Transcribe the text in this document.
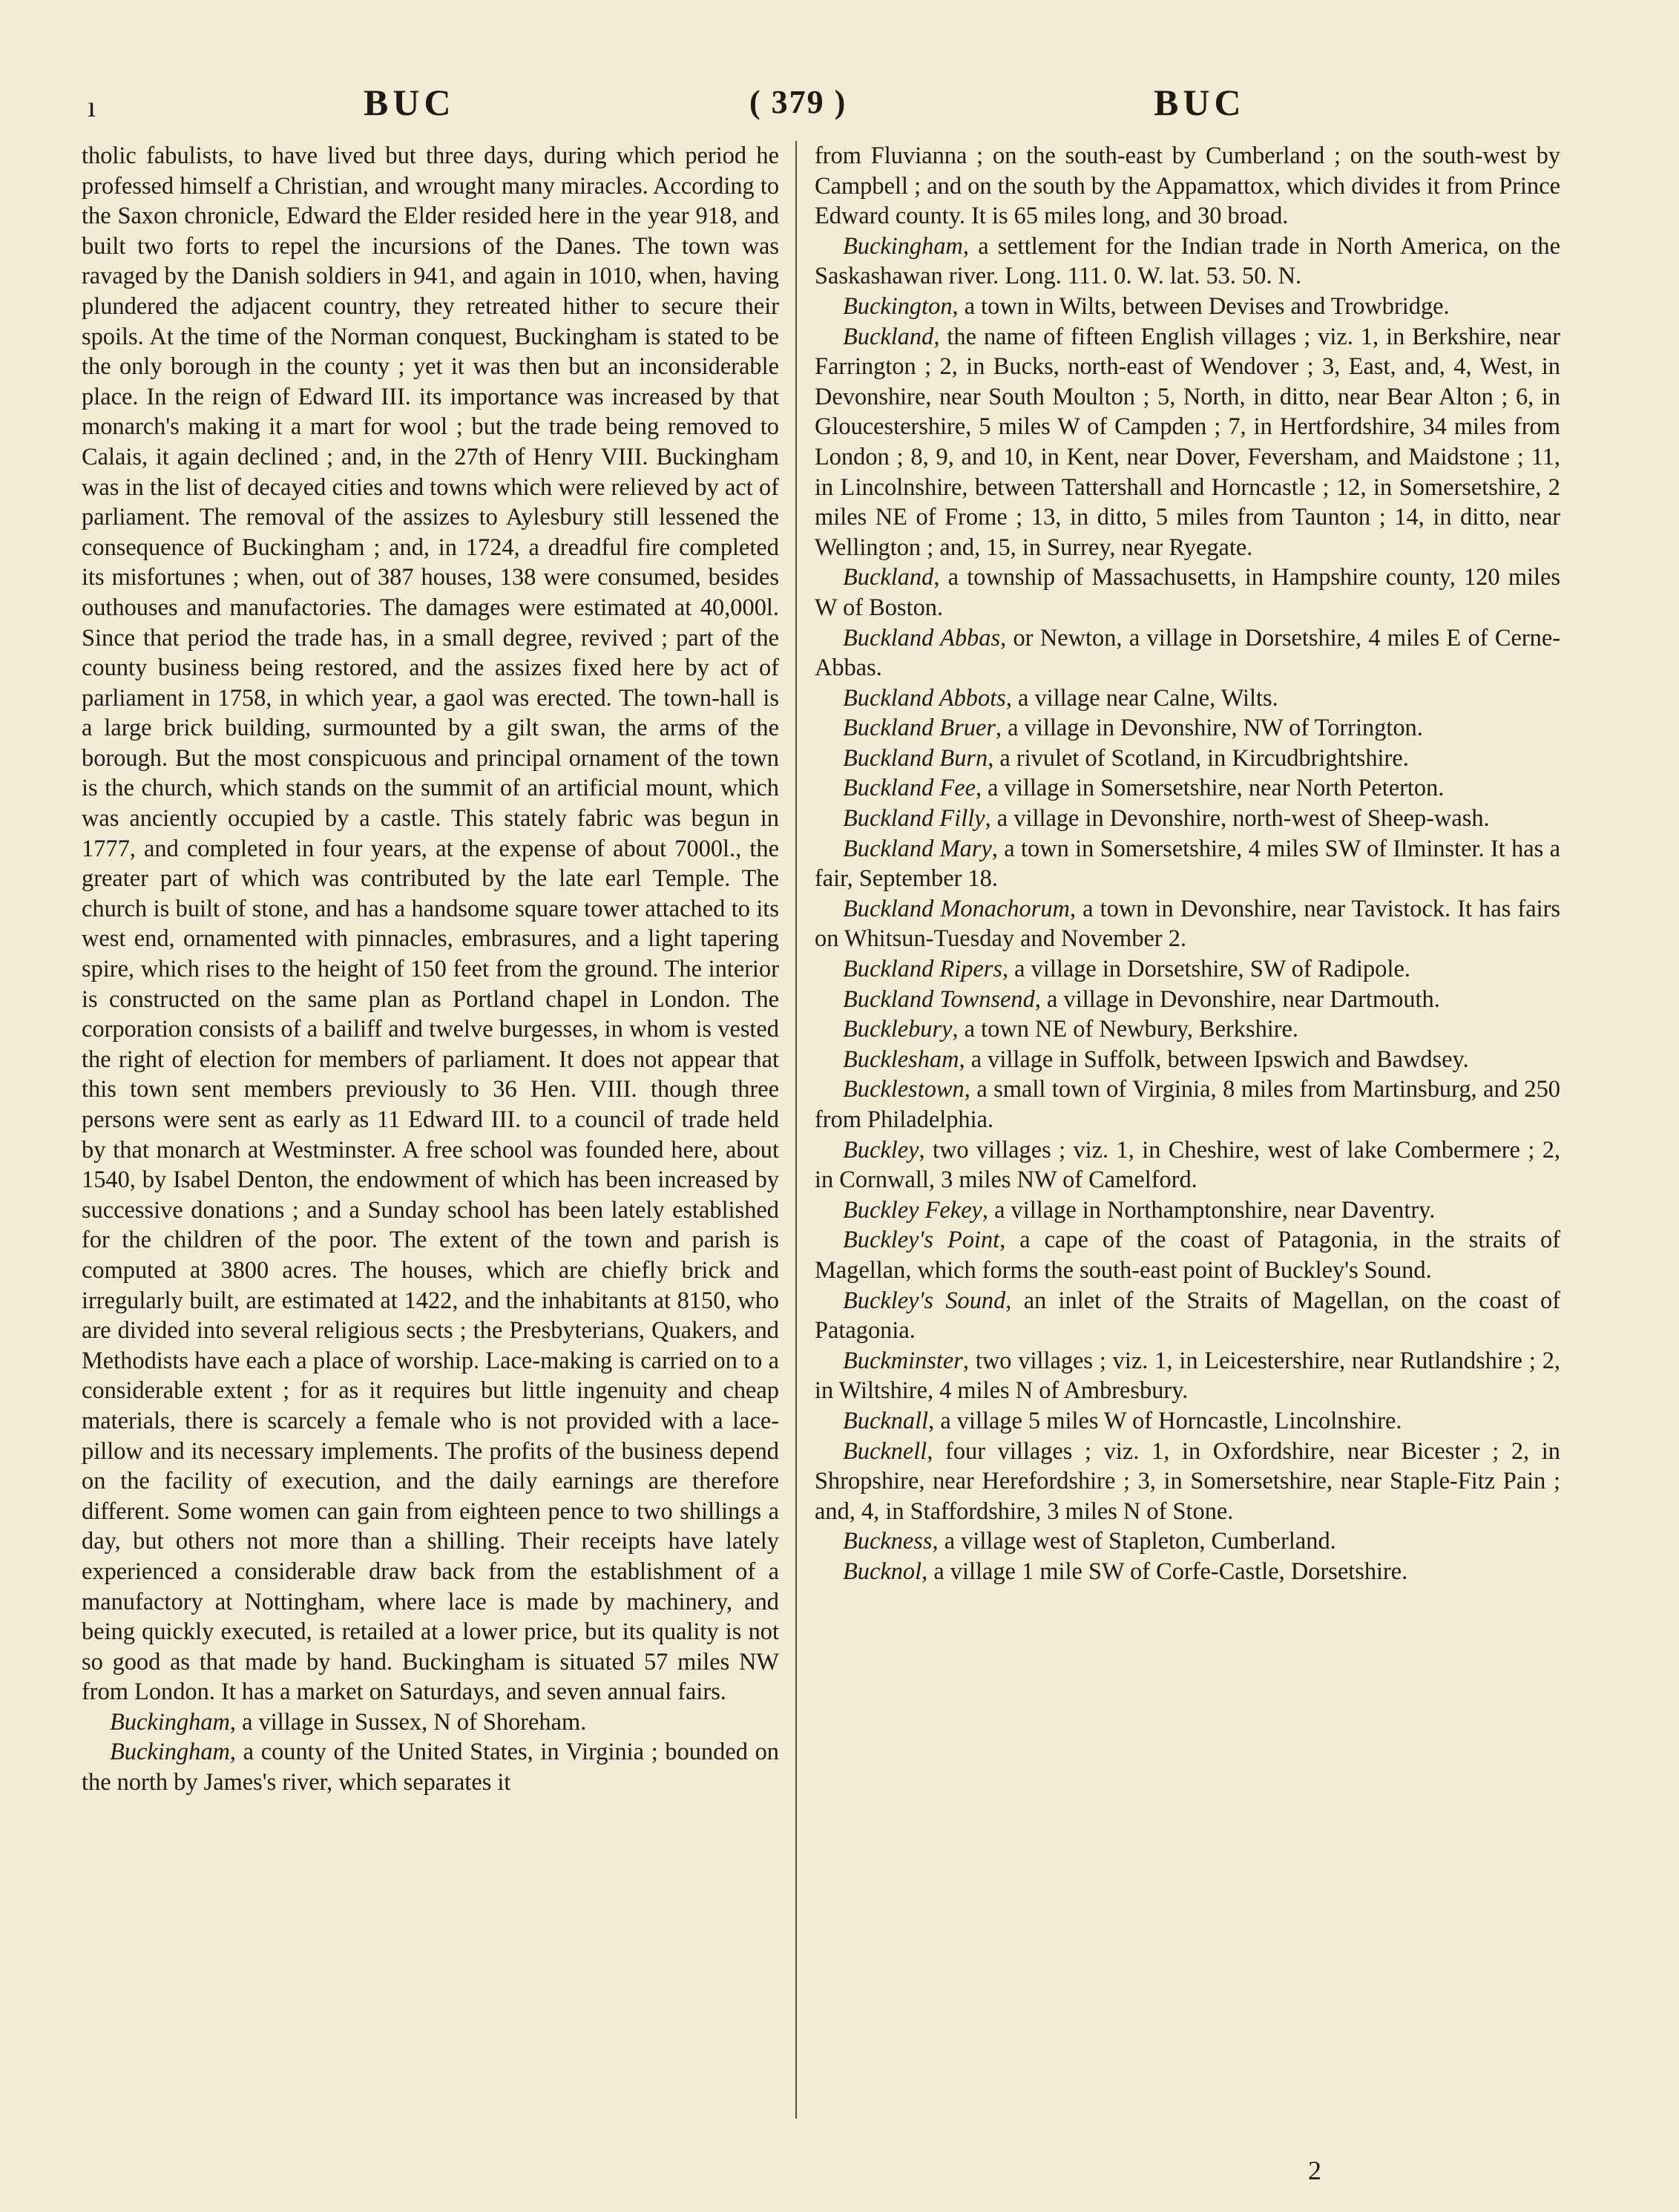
ı	BUC	( 379 )	BUC

tholic fabulists, to have lived but three days, during which period he professed himself a Christian, and wrought many miracles. According to the Saxon chronicle, Edward the Elder resided here in the year 918, and built two forts to repel the incursions of the Danes. The town was ravaged by the Danish soldiers in 941, and again in 1010, when, having plundered the adjacent country, they retreated hither to secure their spoils. At the time of the Norman conquest, Buckingham is stated to be the only borough in the county ; yet it was then but an inconsiderable place. In the reign of Edward III. its importance was increased by that monarch's making it a mart for wool ; but the trade being removed to Calais, it again declined ; and, in the 27th of Henry VIII. Buckingham was in the list of decayed cities and towns which were relieved by act of parliament. The removal of the assizes to Aylesbury still lessened the consequence of Buckingham ; and, in 1724, a dreadful fire completed its misfortunes ; when, out of 387 houses, 138 were consumed, besides outhouses and manufactories. The damages were estimated at 40,000l. Since that period the trade has, in a small degree, revived ; part of the county business being restored, and the assizes fixed here by act of parliament in 1758, in which year, a gaol was erected. The town-hall is a large brick building, surmounted by a gilt swan, the arms of the borough. But the most conspicuous and principal ornament of the town is the church, which stands on the summit of an artificial mount, which was anciently occupied by a castle. This stately fabric was begun in 1777, and completed in four years, at the expense of about 7000l., the greater part of which was contributed by the late earl Temple. The church is built of stone, and has a handsome square tower attached to its west end, ornamented with pinnacles, embrasures, and a light tapering spire, which rises to the height of 150 feet from the ground. The interior is constructed on the same plan as Portland chapel in London. The corporation consists of a bailiff and twelve burgesses, in whom is vested the right of election for members of parliament. It does not appear that this town sent members previously to 36 Hen. VIII. though three persons were sent as early as 11 Edward III. to a council of trade held by that monarch at Westminster. A free school was founded here, about 1540, by Isabel Denton, the endowment of which has been increased by successive donations ; and a Sunday school has been lately established for the children of the poor. The extent of the town and parish is computed at 3800 acres. The houses, which are chiefly brick and irregularly built, are estimated at 1422, and the inhabitants at 8150, who are divided into several religious sects ; the Presbyterians, Quakers, and Methodists have each a place of worship. Lace-making is carried on to a considerable extent ; for as it requires but little ingenuity and cheap materials, there is scarcely a female who is not provided with a lace-pillow and its necessary implements. The profits of the business depend on the facility of execution, and the daily earnings are therefore different. Some women can gain from eighteen pence to two shillings a day, but others not more than a shilling. Their receipts have lately experienced a considerable draw back from the establishment of a manufactory at Nottingham, where lace is made by machinery, and being quickly executed, is retailed at a lower price, but its quality is not so good as that made by hand. Buckingham is situated 57 miles NW from London. It has a market on Saturdays, and seven annual fairs.

Buckingham, a village in Sussex, N of Shoreham.

Buckingham, a county of the United States, in Virginia ; bounded on the north by James's river, which separates it

from Fluvianna ; on the south-east by Cumberland ; on the south-west by Campbell ; and on the south by the Appamattox, which divides it from Prince Edward county. It is 65 miles long, and 30 broad.

Buckingham, a settlement for the Indian trade in North America, on the Saskashawan river. Long. 111. 0. W. lat. 53. 50. N.

Buckington, a town in Wilts, between Devises and Trowbridge.

Buckland, the name of fifteen English villages ; viz. 1, in Berkshire, near Farrington ; 2, in Bucks, north-east of Wendover ; 3, East, and, 4, West, in Devonshire, near South Moulton ; 5, North, in ditto, near Bear Alton ; 6, in Gloucestershire, 5 miles W of Campden ; 7, in Hertfordshire, 34 miles from London ; 8, 9, and 10, in Kent, near Dover, Feversham, and Maidstone ; 11, in Lincolnshire, between Tattershall and Horncastle ; 12, in Somersetshire, 2 miles NE of Frome ; 13, in ditto, 5 miles from Taunton ; 14, in ditto, near Wellington ; and, 15, in Surrey, near Ryegate.

Buckland, a township of Massachusetts, in Hampshire county, 120 miles W of Boston.

Buckland Abbas, or Newton, a village in Dorsetshire, 4 miles E of Cerne-Abbas.

Buckland Abbots, a village near Calne, Wilts.

Buckland Bruer, a village in Devonshire, NW of Torrington.

Buckland Burn, a rivulet of Scotland, in Kircudbrightshire.

Buckland Fee, a village in Somersetshire, near North Peterton.

Buckland Filly, a village in Devonshire, north-west of Sheep-wash.

Buckland Mary, a town in Somersetshire, 4 miles SW of Ilminster. It has a fair, September 18.

Buckland Monachorum, a town in Devonshire, near Tavistock. It has fairs on Whitsun-Tuesday and November 2.

Buckland Ripers, a village in Dorsetshire, SW of Radipole.

Buckland Townsend, a village in Devonshire, near Dartmouth.

Bucklebury, a town NE of Newbury, Berkshire.

Bucklesham, a village in Suffolk, between Ipswich and Bawdsey.

Bucklestown, a small town of Virginia, 8 miles from Martinsburg, and 250 from Philadelphia.

Buckley, two villages ; viz. 1, in Cheshire, west of lake Combermere ; 2, in Cornwall, 3 miles NW of Camelford.

Buckley Fekey, a village in Northamptonshire, near Daventry.

Buckley's Point, a cape of the coast of Patagonia, in the straits of Magellan, which forms the south-east point of Buckley's Sound.

Buckley's Sound, an inlet of the Straits of Magellan, on the coast of Patagonia.

Buckminster, two villages ; viz. 1, in Leicestershire, near Rutlandshire ; 2, in Wiltshire, 4 miles N of Ambresbury.

Bucknall, a village 5 miles W of Horncastle, Lincolnshire.

Bucknell, four villages ; viz. 1, in Oxfordshire, near Bicester ; 2, in Shropshire, near Herefordshire ; 3, in Somersetshire, near Staple-Fitz Pain ; and, 4, in Staffordshire, 3 miles N of Stone.

Buckness, a village west of Stapleton, Cumberland.

Bucknol, a village 1 mile SW of Corfe-Castle, Dorsetshire.

2
